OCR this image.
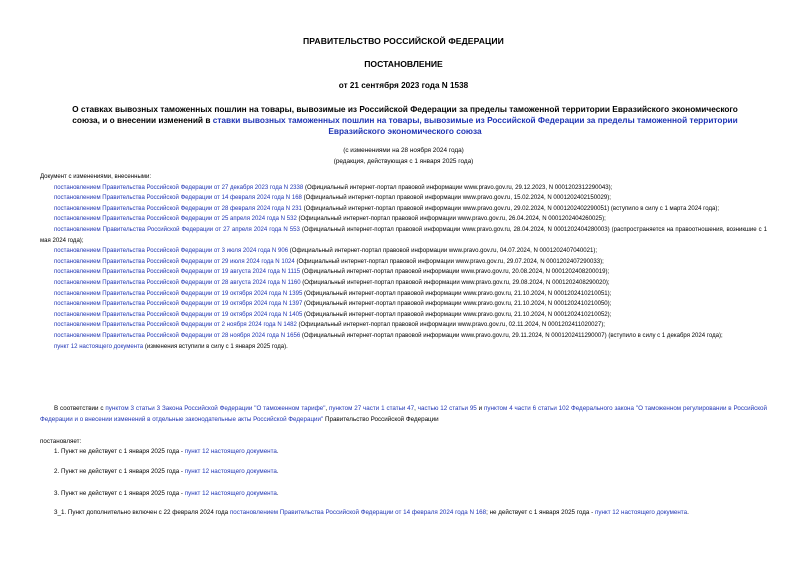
ПРАВИТЕЛЬСТВО РОССИЙСКОЙ ФЕДЕРАЦИИ
ПОСТАНОВЛЕНИЕ
от 21 сентября 2023 года N 1538
О ставках вывозных таможенных пошлин на товары, вывозимые из Российской Федерации за пределы таможенной территории Евразийского экономического союза, и о внесении изменений в ставки вывозных таможенных пошлин на товары, вывозимые из Российской Федерации за пределы таможенной территории Евразийского экономического союза
(с изменениями на 28 ноября 2024 года)
(редакция, действующая с 1 января 2025 года)

Документ с изменениями, внесенными:

постановлением Правительства Российской Федерации от 27 декабря 2023 года N 2338 (Официальный интернет-портал правовой информации www.pravo.gov.ru, 29.12.2023, N 0001202312290043);

постановлением Правительства Российской Федерации от 14 февраля 2024 года N 168 (Официальный интернет-портал правовой информации www.pravo.gov.ru, 15.02.2024, N 0001202402150029);

постановлением Правительства Российской Федерации от 28 февраля 2024 года N 231 (Официальный интернет-портал правовой информации www.pravo.gov.ru, 29.02.2024, N 0001202402290051) (вступило в силу с 1 марта 2024 года);

постановлением Правительства Российской Федерации от 25 апреля 2024 года N 532 (Официальный интернет-портал правовой информации www.pravo.gov.ru, 26.04.2024, N 0001202404260025);

постановлением Правительства Российской Федерации от 27 апреля 2024 года N 553 (Официальный интернет-портал правовой информации www.pravo.gov.ru, 28.04.2024, N 0001202404280003) (распространяется на правоотношения, возникшие с 1 мая 2024 года);

постановлением Правительства Российской Федерации от 3 июля 2024 года N 906 (Официальный интернет-портал правовой информации www.pravo.gov.ru, 04.07.2024, N 0001202407040021);

постановлением Правительства Российской Федерации от 29 июля 2024 года N 1024 (Официальный интернет-портал правовой информации www.pravo.gov.ru, 29.07.2024, N 0001202407290033);

постановлением Правительства Российской Федерации от 19 августа 2024 года N 1115 (Официальный интернет-портал правовой информации www.pravo.gov.ru, 20.08.2024, N 0001202408200019);

постановлением Правительства Российской Федерации от 28 августа 2024 года N 1160 (Официальный интернет-портал правовой информации www.pravo.gov.ru, 29.08.2024, N 0001202408290020);

постановлением Правительства Российской Федерации от 19 октября 2024 года N 1395 (Официальный интернет-портал правовой информации www.pravo.gov.ru, 21.10.2024, N 0001202410210051);

постановлением Правительства Российской Федерации от 19 октября 2024 года N 1397 (Официальный интернет-портал правовой информации www.pravo.gov.ru, 21.10.2024, N 0001202410210050);

постановлением Правительства Российской Федерации от 19 октября 2024 года N 1405 (Официальный интернет-портал правовой информации www.pravo.gov.ru, 21.10.2024, N 0001202410210052);

постановлением Правительства Российской Федерации от 2 ноября 2024 года N 1482 (Официальный интернет-портал правовой информации www.pravo.gov.ru, 02.11.2024, N 0001202411020027);

постановлением Правительства Российской Федерации от 28 ноября 2024 года N 1656 (Официальный интернет-портал правовой информации www.pravo.gov.ru, 29.11.2024, N 0001202411290007) (вступило в силу с 1 декабря 2024 года);

пункт 12 настоящего документа (изменения вступили в силу с 1 января 2025 года).

В соответствии с пунктом 3 статьи 3 Закона Российской Федерации "О таможенном тарифе", пунктом 27 части 1 статьи 47, частью 12 статьи 95 и пунктом 4 части 6 статьи 102 Федерального закона "О таможенном регулировании в Российской Федерации и о внесении изменений в отдельные законодательные акты Российской Федерации" Правительство Российской Федерации
постановляет:
1. Пункт не действует с 1 января 2025 года - пункт 12 настоящего документа.
2. Пункт не действует с 1 января 2025 года - пункт 12 настоящего документа.
3. Пункт не действует с 1 января 2025 года - пункт 12 настоящего документа.
3_1. Пункт дополнительно включен с 22 февраля 2024 года постановлением Правительства Российской Федерации от 14 февраля 2024 года N 168; не действует с 1 января 2025 года - пункт 12 настоящего документа.
